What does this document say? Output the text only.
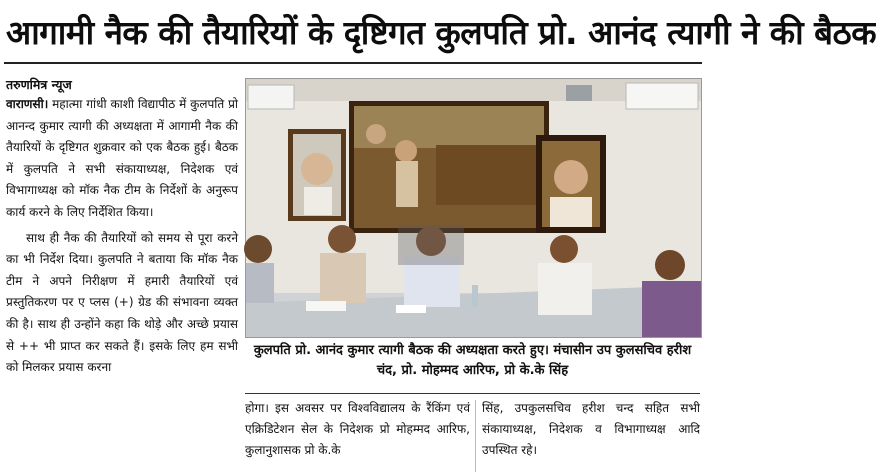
आगामी नैक की तैयारियों के दृष्टिगत कुलपति प्रो. आनंद त्यागी ने की बैठक
तरुणमित्र न्यूज

वाराणसी। महात्मा गांधी काशी विद्यापीठ में कुलपति प्रो आनन्द कुमार त्यागी की अध्यक्षता में आगामी नैक की तैयारियों के दृष्टिगत शुक्रवार को एक बैठक हुई। बैठक में कुलपति ने सभी संकायाध्यक्ष, निदेशक एवं विभागाध्यक्ष को मॉक नैक टीम के निर्देशों के अनुरूप कार्य करने के लिए निर्देशित किया।

साथ ही नैक की तैयारियों को समय से पूरा करने का भी निर्देश दिया। कुलपति ने बताया कि मॉक नैक टीम ने अपने निरीक्षण में हमारी तैयारियों एवं प्रस्तुतिकरण पर ए प्लस (+) ग्रेड की संभावना व्यक्त की है। साथ ही उन्होंने कहा कि थोड़े और अच्छे प्रयास से ++ भी प्राप्त कर सकते हैं। इसके लिए हम सभी को मिलकर प्रयास करना

कुलपति प्रो. आनंद कुमार त्यागी बैठक की अध्यक्षता करते हुए। मंचासीन उप कुलसचिव हरीश चंद, प्रो. मोहम्मद आरिफ, प्रो के.के सिंह
होगा। इस अवसर पर विश्वविद्यालय के रैंकिंग एवं एक्रिडिटेशन सेल के निदेशक प्रो मोहम्मद आरिफ, कुलानुशासक प्रो के.के
सिंह, उपकुलसचिव हरीश चन्द सहित सभी संकायाध्यक्ष, निदेशक व विभागाध्यक्ष आदि उपस्थित रहे।
